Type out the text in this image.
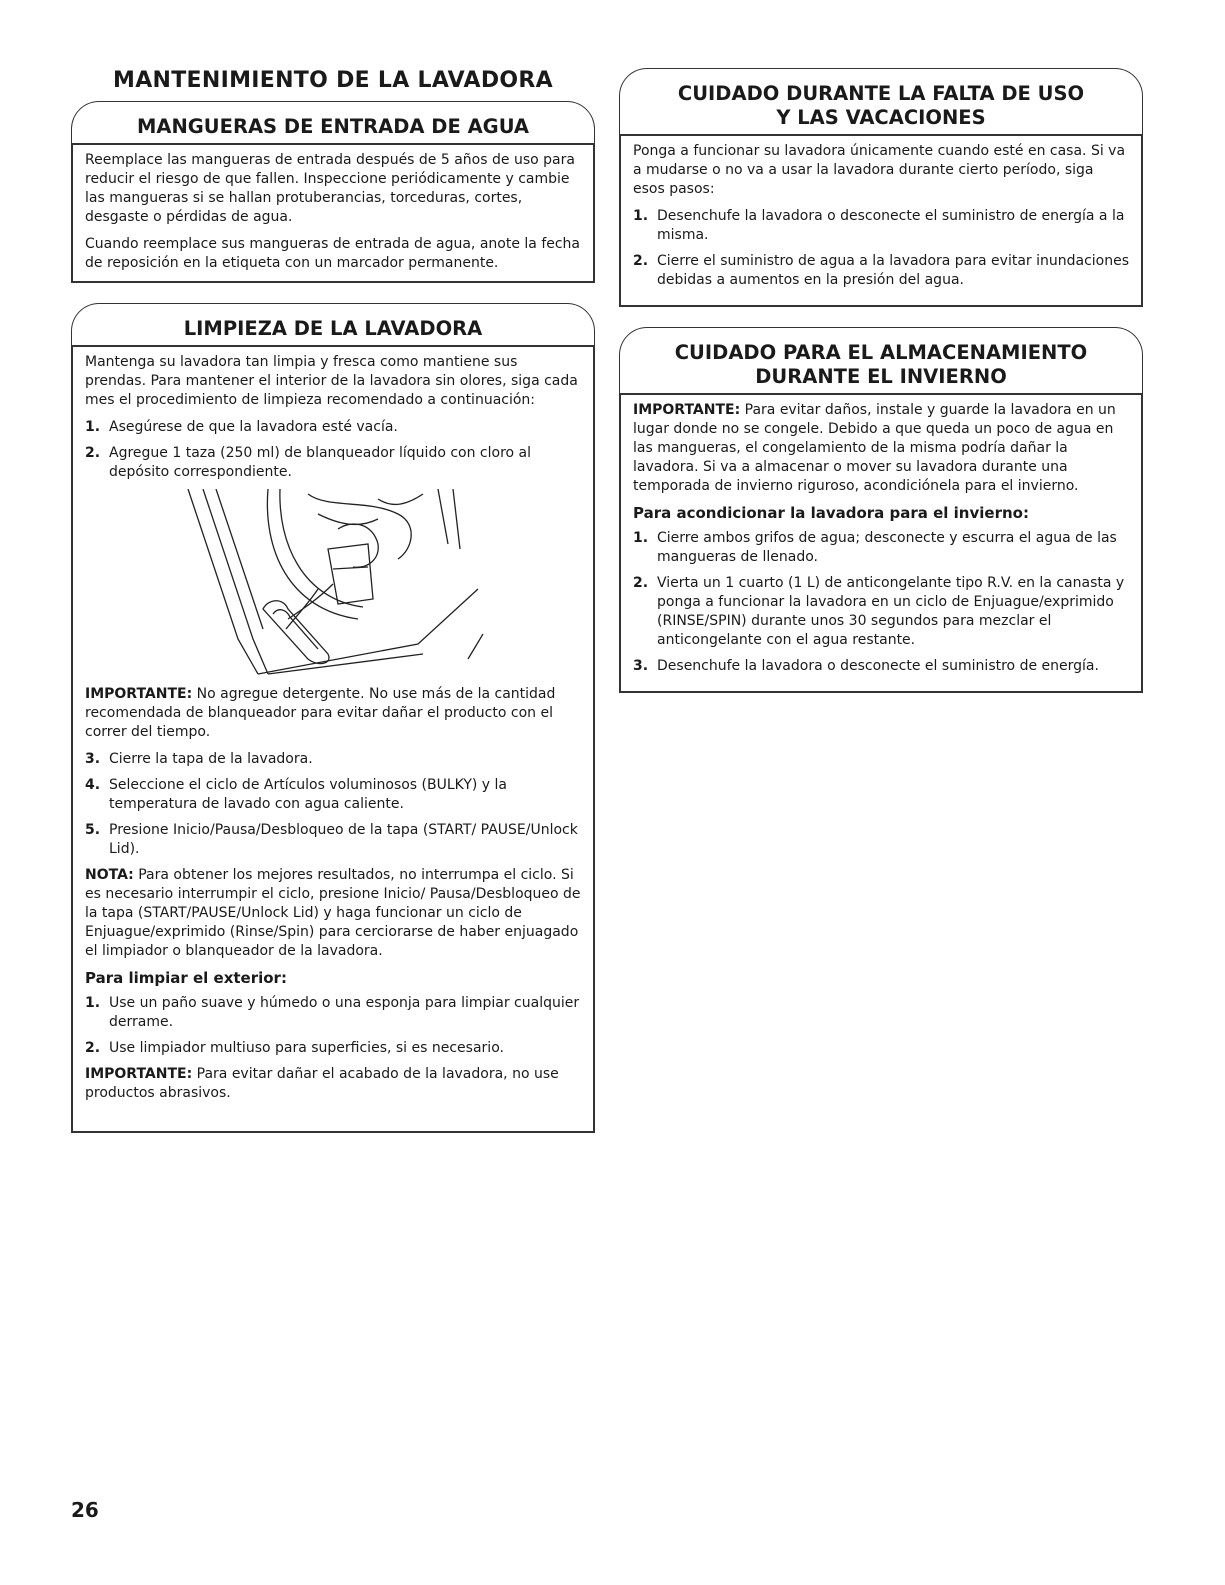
MANTENIMIENTO DE LA LAVADORA
MANGUERAS DE ENTRADA DE AGUA

Reemplace las mangueras de entrada después de 5 años de uso para reducir el riesgo de que fallen. Inspeccione periódicamente y cambie las mangueras si se hallan protuberancias, torceduras, cortes, desgaste o pérdidas de agua.

Cuando reemplace sus mangueras de entrada de agua, anote la fecha de reposición en la etiqueta con un marcador permanente.

LIMPIEZA DE LA LAVADORA

Mantenga su lavadora tan limpia y fresca como mantiene sus prendas. Para mantener el interior de la lavadora sin olores, siga cada mes el procedimiento de limpieza recomendado a continuación:

1. Asegúrese de que la lavadora esté vacía.
2. Agregue 1 taza (250 ml) de blanqueador líquido con cloro al depósito correspondiente.

IMPORTANTE: No agregue detergente. No use más de la cantidad recomendada de blanqueador para evitar dañar el producto con el correr del tiempo.

3. Cierre la tapa de la lavadora.
4. Seleccione el ciclo de Artículos voluminosos (BULKY) y la temperatura de lavado con agua caliente.
5. Presione Inicio/Pausa/Desbloqueo de la tapa (START/ PAUSE/Unlock Lid).

NOTA: Para obtener los mejores resultados, no interrumpa el ciclo. Si es necesario interrumpir el ciclo, presione Inicio/ Pausa/Desbloqueo de la tapa (START/PAUSE/Unlock Lid) y haga funcionar un ciclo de Enjuague/exprimido (Rinse/Spin) para cerciorarse de haber enjuagado el limpiador o blanqueador de la lavadora.

Para limpiar el exterior:
1. Use un paño suave y húmedo o una esponja para limpiar cualquier derrame.
2. Use limpiador multiuso para superficies, si es necesario.

IMPORTANTE: Para evitar dañar el acabado de la lavadora, no use productos abrasivos.

CUIDADO DURANTE LA FALTA DE USO
Y LAS VACACIONES

Ponga a funcionar su lavadora únicamente cuando esté en casa. Si va a mudarse o no va a usar la lavadora durante cierto período, siga esos pasos:

1. Desenchufe la lavadora o desconecte el suministro de energía a la misma.
2. Cierre el suministro de agua a la lavadora para evitar inundaciones debidas a aumentos en la presión del agua.
CUIDADO PARA EL ALMACENAMIENTO
DURANTE EL INVIERNO

IMPORTANTE: Para evitar daños, instale y guarde la lavadora en un lugar donde no se congele. Debido a que queda un poco de agua en las mangueras, el congelamiento de la misma podría dañar la lavadora. Si va a almacenar o mover su lavadora durante una temporada de invierno riguroso, acondiciónela para el invierno.

Para acondicionar la lavadora para el invierno:
1. Cierre ambos grifos de agua; desconecte y escurra el agua de las mangueras de llenado.
2. Vierta un 1 cuarto (1 L) de anticongelante tipo R.V. en la canasta y ponga a funcionar la lavadora en un ciclo de Enjuague/exprimido (RINSE/SPIN) durante unos 30 segundos para mezclar el anticongelante con el agua restante.
3. Desenchufe la lavadora o desconecte el suministro de energía.
26
